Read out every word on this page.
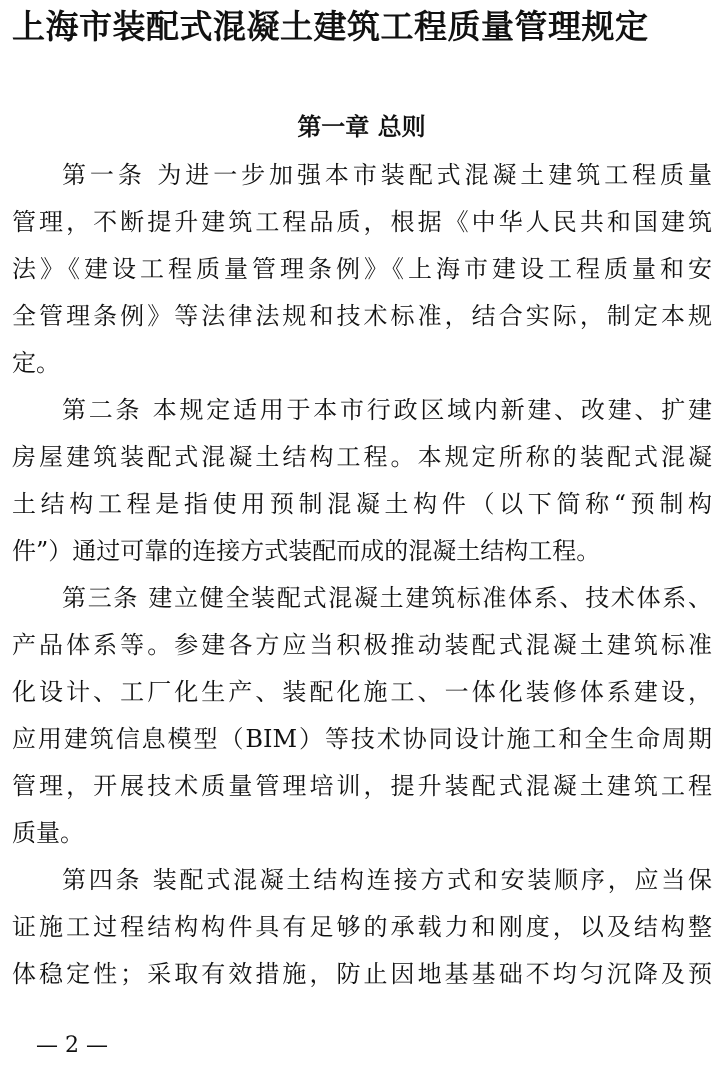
上海市装配式混凝土建筑工程质量管理规定
第一章 总则

第一条 为进一步加强本市装配式混凝土建筑工程质量
管理，不断提升建筑工程品质，根据《中华人民共和国建筑
法》《建设工程质量管理条例》《上海市建设工程质量和安
全管理条例》等法律法规和技术标准，结合实际，制定本规
定。

第二条 本规定适用于本市行政区域内新建、改建、扩建
房屋建筑装配式混凝土结构工程。本规定所称的装配式混凝
土结构工程是指使用预制混凝土构件（以下简称“预制构
件”）通过可靠的连接方式装配而成的混凝土结构工程。

第三条 建立健全装配式混凝土建筑标准体系、技术体系、
产品体系等。参建各方应当积极推动装配式混凝土建筑标准
化设计、工厂化生产、装配化施工、一体化装修体系建设，
应用建筑信息模型（BIM）等技术协同设计施工和全生命周期
管理，开展技术质量管理培训，提升装配式混凝土建筑工程
质量。

第四条 装配式混凝土结构连接方式和安装顺序，应当保
证施工过程结构构件具有足够的承载力和刚度，以及结构整
体稳定性；采取有效措施，防止因地基基础不均匀沉降及预

— 2 —
